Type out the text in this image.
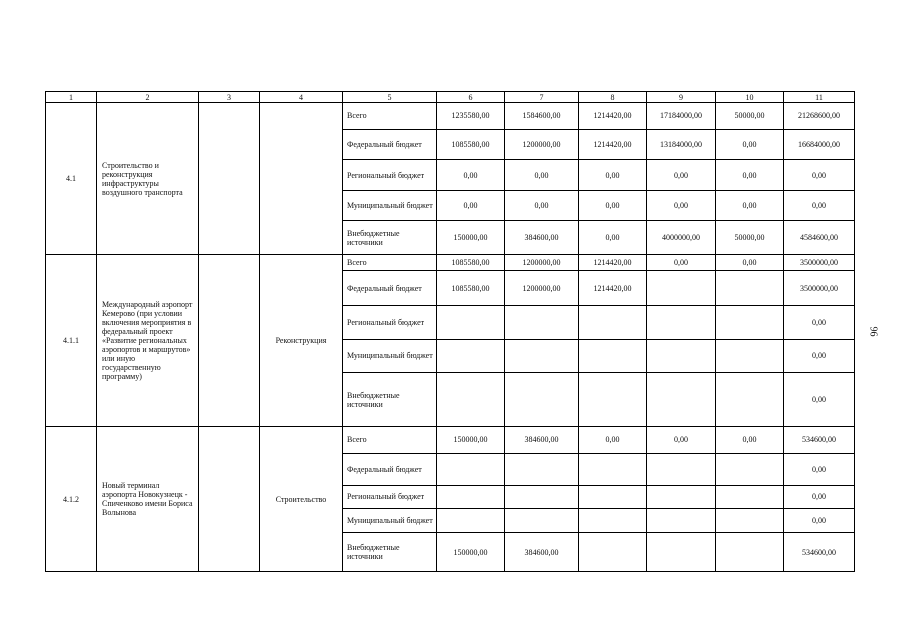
1	2	3	4	5	6	7	8	9	10	11
4.1	Строительство и реконструкция инфраструктуры воздушного транспорта			Всего	1235580,00	1584600,00	1214420,00	17184000,00	50000,00	21268600,00
				Федеральный бюджет	1085580,00	1200000,00	1214420,00	13184000,00	0,00	16684000,00
				Региональный бюджет	0,00	0,00	0,00	0,00	0,00	0,00
				Муниципальный бюджет	0,00	0,00	0,00	0,00	0,00	0,00
				Внебюджетные источники	150000,00	384600,00	0,00	4000000,00	50000,00	4584600,00
4.1.1	Международный аэропорт Кемерово (при условии включения мероприятия в федеральный проект «Развитие региональных аэропортов и маршрутов» или иную государственную программу)		Реконструкция	Всего	1085580,00	1200000,00	1214420,00	0,00	0,00	3500000,00
				Федеральный бюджет	1085580,00	1200000,00	1214420,00			3500000,00
				Региональный бюджет						0,00
				Муниципальный бюджет						0,00
				Внебюджетные источники						0,00
4.1.2	Новый терминал аэропорта Новокузнецк - Спиченково имени Бориса Волынова		Строительство	Всего	150000,00	384600,00	0,00	0,00	0,00	534600,00
				Федеральный бюджет						0,00
				Региональный бюджет						0,00
				Муниципальный бюджет						0,00
				Внебюджетные источники	150000,00	384600,00				534600,00
96
